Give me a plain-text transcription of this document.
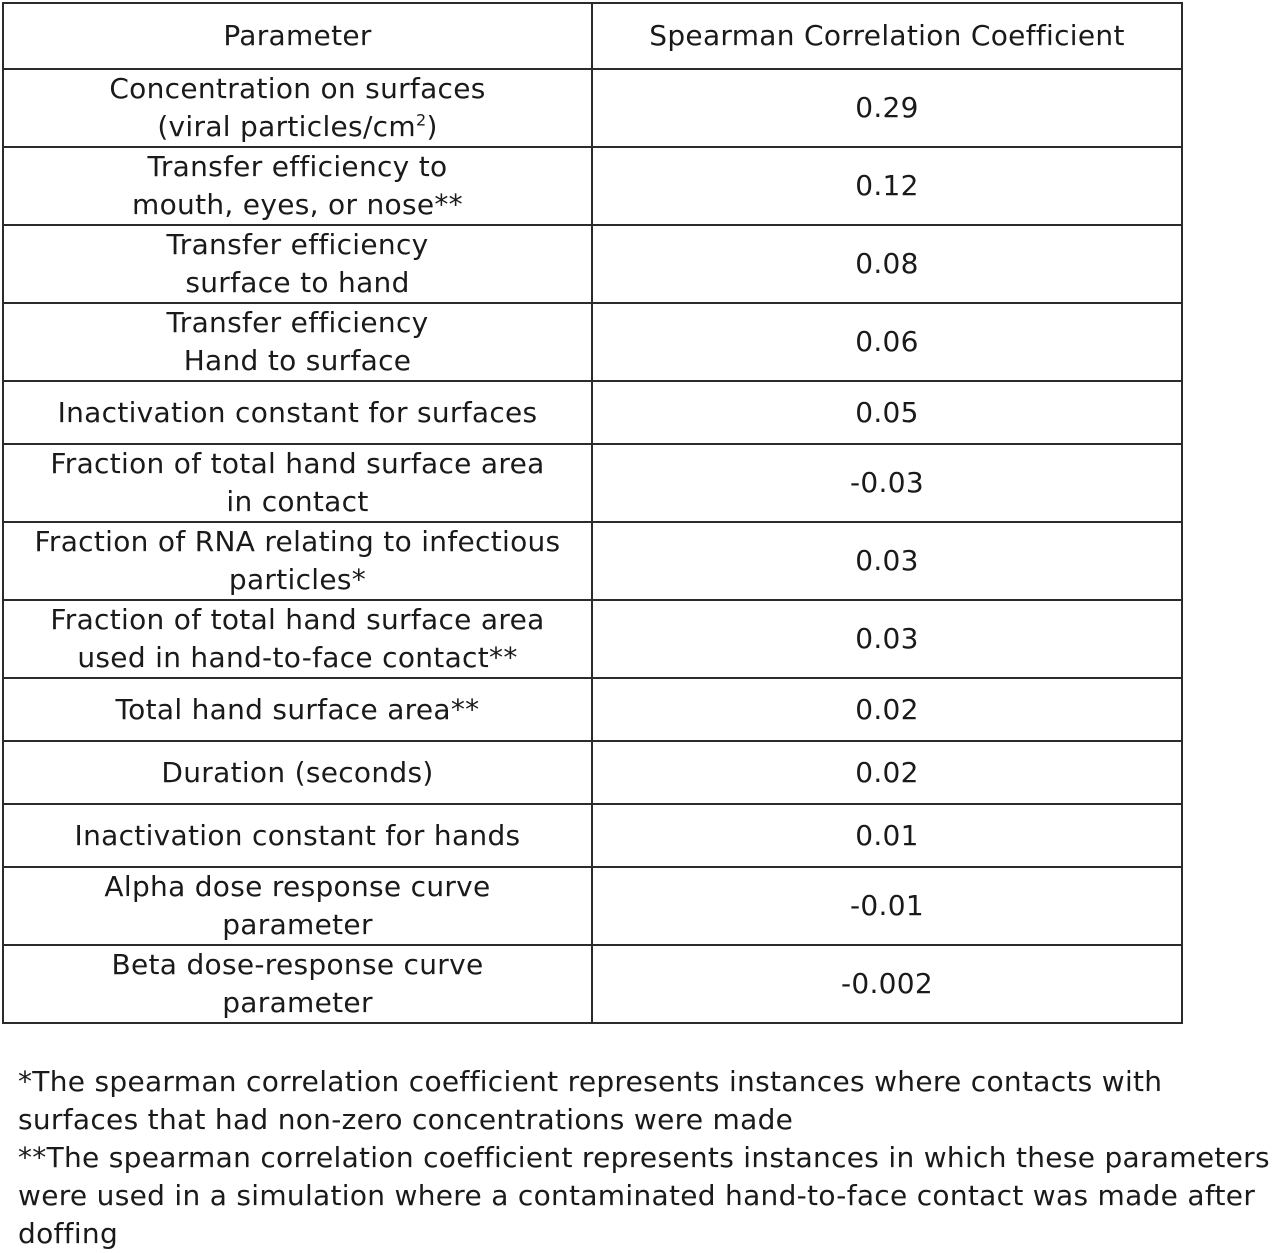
Parameter	Spearman Correlation Coefficient
Concentration on surfaces
(viral particles/$cm^2$)	0.29
Transfer efficiency to
mouth, eyes, or nose**	0.12
Transfer efficiency
surface to hand	0.08
Transfer efficiency
Hand to surface	0.06
Inactivation constant for surfaces	0.05
Fraction of total hand surface area
in contact	-0.03
Fraction of RNA relating to infectious
particles*	0.03
Fraction of total hand surface area
used in hand-to-face contact**	0.03
Total hand surface area**	0.02
Duration (seconds)	0.02
Inactivation constant for hands	0.01
Alpha dose response curve
parameter	-0.01
Beta dose-response curve
parameter	-0.002

*The spearman correlation coefficient represents instances where contacts with surfaces that had non-zero concentrations were made

**The spearman correlation coefficient represents instances in which these parameters were used in a simulation where a contaminated hand-to-face contact was made after doffing
